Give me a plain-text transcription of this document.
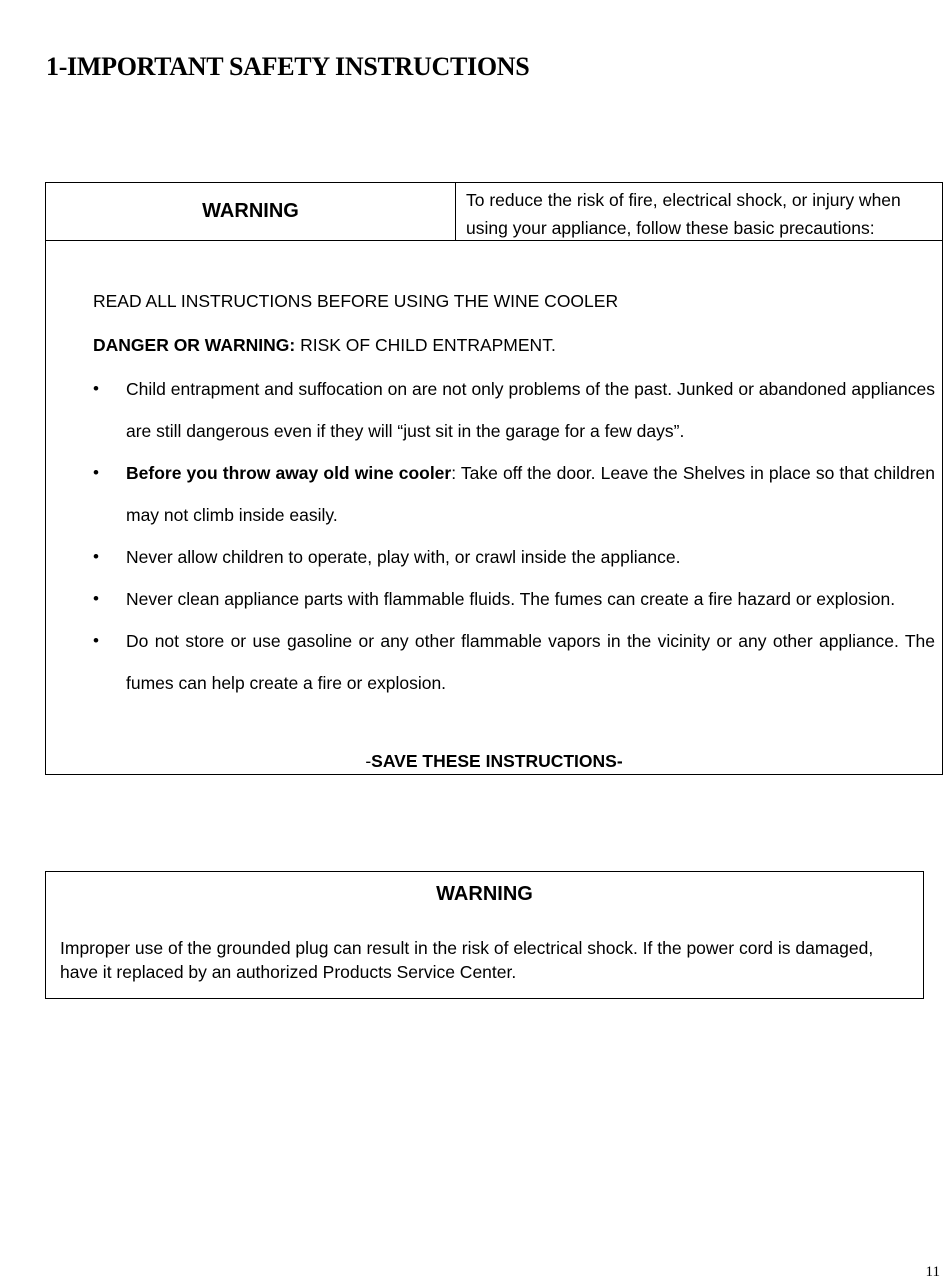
1-IMPORTANT SAFETY INSTRUCTIONS
WARNING	To reduce the risk of fire, electrical shock, or injury when using your appliance, follow these basic precautions:
READ ALL INSTRUCTIONS BEFORE USING THE WINE COOLER
DANGER OR WARNING: RISK OF CHILD ENTRAPMENT.
• Child entrapment and suffocation on are not only problems of the past. Junked or abandoned appliances are still dangerous even if they will “just sit in the garage for a few days”.
• Before you throw away old wine cooler: Take off the door. Leave the Shelves in place so that children may not climb inside easily.
• Never allow children to operate, play with, or crawl inside the appliance.
• Never clean appliance parts with flammable fluids. The fumes can create a fire hazard or explosion.
• Do not store or use gasoline or any other flammable vapors in the vicinity or any other appliance. The fumes can help create a fire or explosion.
-SAVE THESE INSTRUCTIONS-
WARNING
Improper use of the grounded plug can result in the risk of electrical shock. If the power cord is damaged, have it replaced by an authorized Products Service Center.
11
